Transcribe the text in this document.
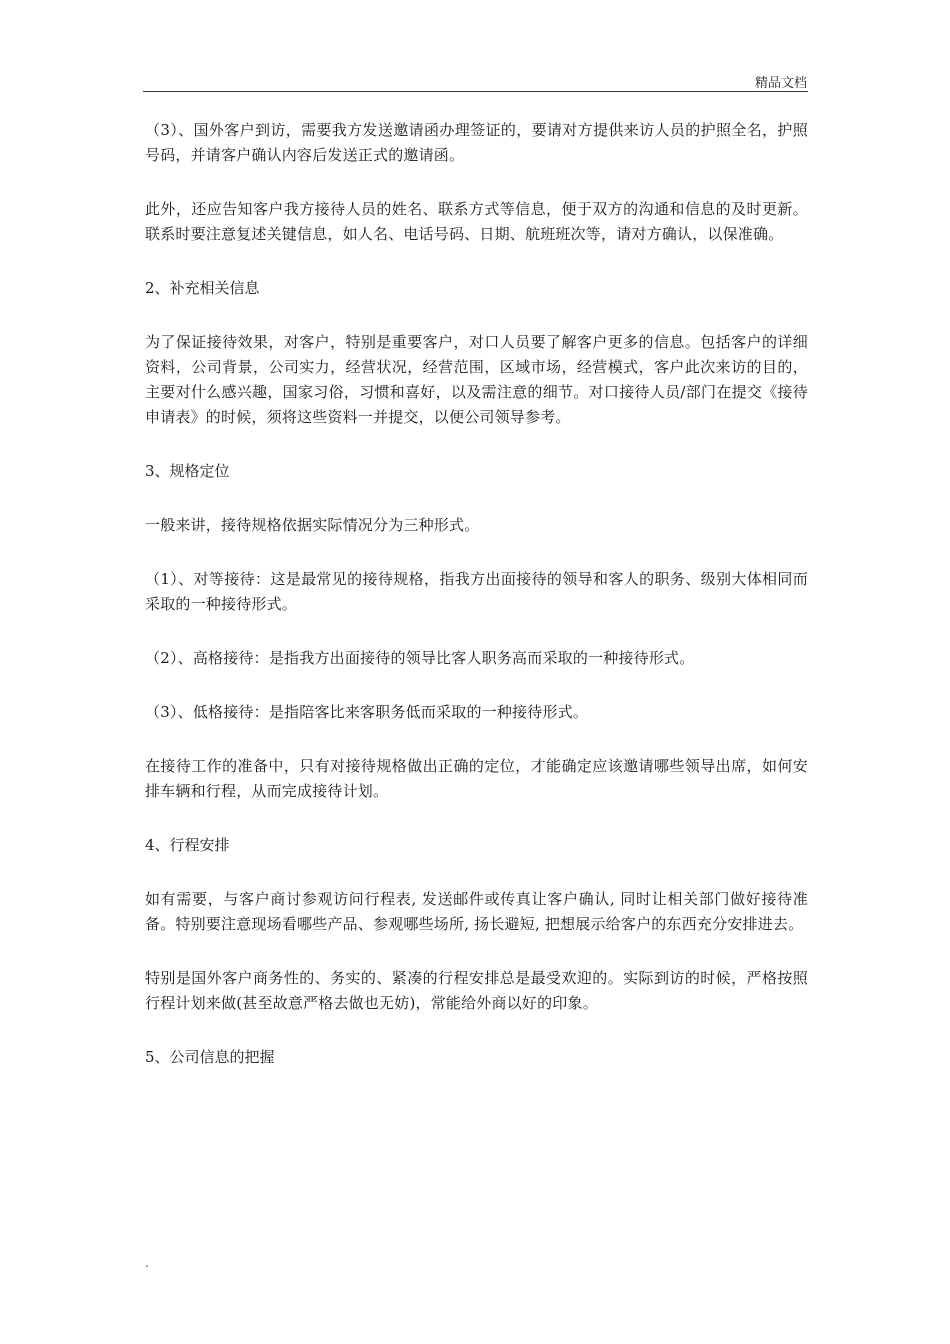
精品文档

（3）、国外客户到访，需要我方发送邀请函办理签证的，要请对方提供来访人员的护照全名，护照号码，并请客户确认内容后发送正式的邀请函。

此外，还应告知客户我方接待人员的姓名、联系方式等信息，便于双方的沟通和信息的及时更新。联系时要注意复述关键信息，如人名、电话号码、日期、航班班次等，请对方确认，以保准确。

2、补充相关信息

为了保证接待效果，对客户，特别是重要客户，对口人员要了解客户更多的信息。包括客户的详细资料，公司背景，公司实力，经营状况，经营范围，区域市场，经营模式，客户此次来访的目的，主要对什么感兴趣，国家习俗，习惯和喜好，以及需注意的细节。对口接待人员/部门在提交《接待申请表》的时候，须将这些资料一并提交，以便公司领导参考。

3、规格定位

一般来讲，接待规格依据实际情况分为三种形式。

（1）、对等接待：这是最常见的接待规格，指我方出面接待的领导和客人的职务、级别大体相同而采取的一种接待形式。

（2）、高格接待：是指我方出面接待的领导比客人职务高而采取的一种接待形式。

（3）、低格接待：是指陪客比来客职务低而采取的一种接待形式。

在接待工作的准备中，只有对接待规格做出正确的定位，才能确定应该邀请哪些领导出席，如何安排车辆和行程，从而完成接待计划。

4、行程安排

如有需要，与客户商讨参观访问行程表, 发送邮件或传真让客户确认, 同时让相关部门做好接待准备。特别要注意现场看哪些产品、参观哪些场所, 扬长避短, 把想展示给客户的东西充分安排进去。

特别是国外客户商务性的、务实的、紧凑的行程安排总是最受欢迎的。实际到访的时候，严格按照行程计划来做(甚至故意严格去做也无妨)，常能给外商以好的印象。

5、公司信息的把握

.
